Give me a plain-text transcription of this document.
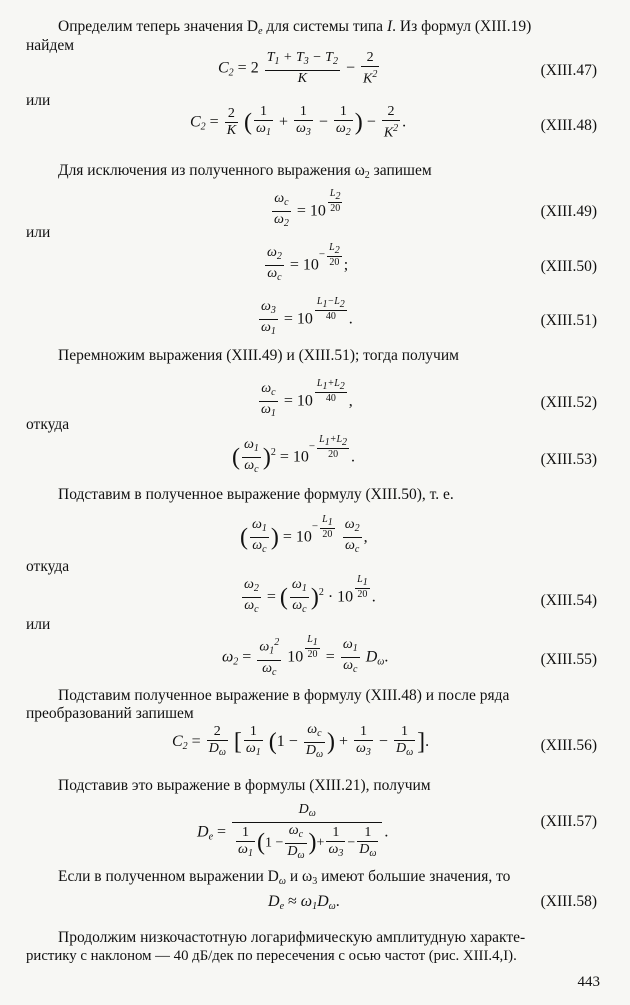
Определим теперь значения $D_e$ для системы типа I. Из формул (XIII.19)
найдем
$C_2 = 2 \frac{T_1 + T_3 - T_2}{K} - \frac{2}{K^2}$	(XIII.47)
или
$C_2 = \frac{2}{K}$ ( $\frac{1}{\omega_1} + \frac{1}{\omega_3} - \frac{1}{\omega_2}$ ) − $\frac{2}{K^2}$ .	(XIII.48)
Для исключения из полученного выражения $\omega_2$ запишем
$\frac{\omega_c}{\omega_2} = 10 \frac{L_2}{20}$	(XIII.49)
или
$\frac{\omega_2}{\omega_c} = 10- \frac{L_2}{20}$ ;	(XIII.50)
$\frac{\omega_3}{\omega_1} = 10 \frac{L_1-L_2}{40}$ .	(XIII.51)
Перемножим выражения (XIII.49) и (XIII.51); тогда получим
$\frac{\omega_c}{\omega_1} = 10 \frac{L_1+L_2}{40}$ ,	(XIII.52)
откуда
( $\frac{\omega_1}{\omega_c} )^2 = 10- \frac{L_1+L_2}{20}$ .	(XIII.53)
Подставим в полученное выражение формулу (XIII.50), т. е.
( $\frac{\omega_1}{\omega_c}$ ) = $10- \frac{L_1}{20}$
$\frac{\omega_2}{\omega_c}$ ,
откуда
$\frac{\omega_2}{\omega_c}$ = ( $\frac{\omega_1}{\omega_c} )^2 \cdot 10 \frac{L_1}{20}$ .	(XIII.54)
или
$\omega_2 = \frac{\omega_1^2}{\omega_c} 10 \frac{L_1}{20} = \frac{\omega_1}{\omega_c} D_\omega$.	(XIII.55)
Подставим полученное выражение в формулу (XIII.48) и после ряда
преобразований запишем
$C_2 = \frac{2}{D_\omega}$ [ $\frac{1}{\omega_1} (1 - \frac{\omega_c}{D_\omega}$ ) + $\frac{1}{\omega_3} - \frac{1}{D_\omega}$ ].	(XIII.56)
Подставив это выражение в формулы (XIII.21), получим
$D_e = \frac{D_\omega}{\frac{1}{\omega_1} (1 - \frac{\omega_c}{D_\omega} )+ \frac{1}{\omega_3} - \frac{1}{D_\omega}}$ .
(XIII.57)
Если в полученном выражении $D_\omega$ и $\omega_3$ имеют большие значения, то
$D_e \approx \omega_1D_\omega$.	(XIII.58)
Продолжим низкочастотную логарифмическую амплитудную характе-
ристику с наклоном — 40 дБ/дек по пересечения с осью частот (рис. XIII.4,I).
443
